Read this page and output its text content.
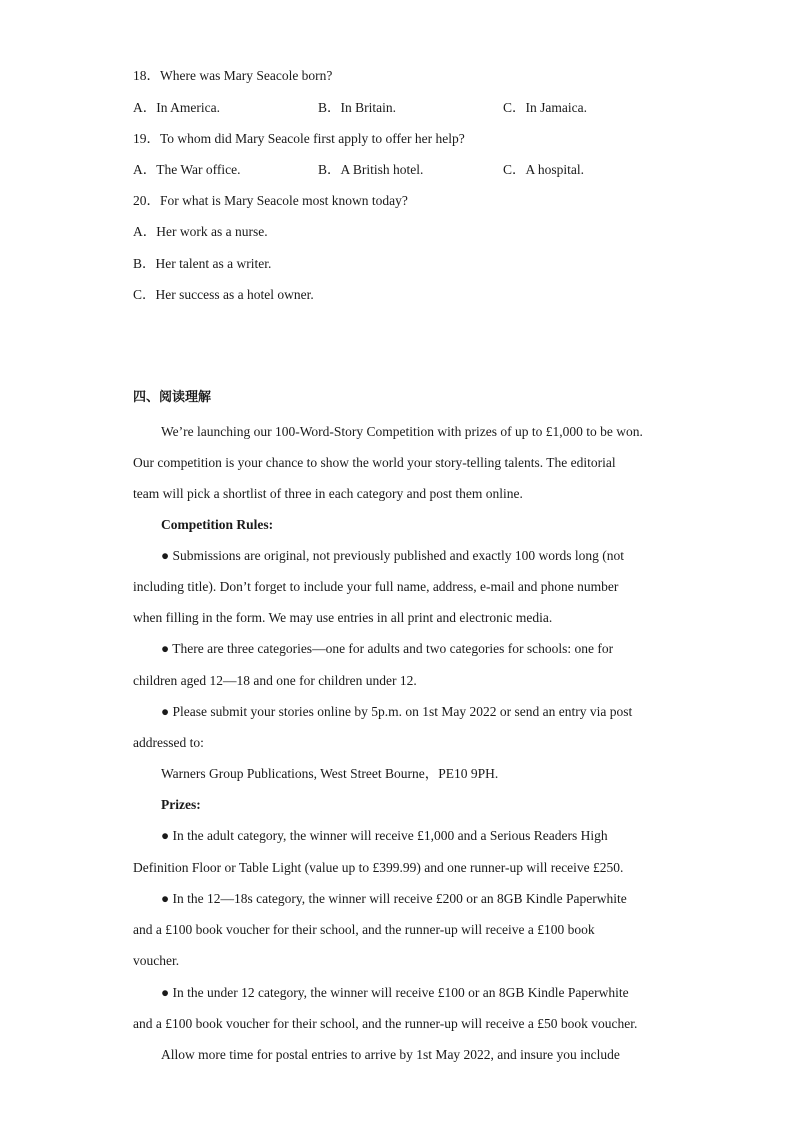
18．Where was Mary Seacole born?
A．In America.	B．In Britain.	C．In Jamaica.
19．To whom did Mary Seacole first apply to offer her help?
A．The War office.	B．A British hotel.	C．A hospital.
20．For what is Mary Seacole most known today?
A．Her work as a nurse.
B．Her talent as a writer.
C．Her success as a hotel owner.
四、阅读理解
We’re launching our 100-Word-Story Competition with prizes of up to £1,000 to be won.
Our competition is your chance to show the world your story-telling talents. The editorial
team will pick a shortlist of three in each category and post them online.
Competition Rules:
● Submissions are original, not previously published and exactly 100 words long (not
including title). Don’t forget to include your full name, address, e-mail and phone number
when filling in the form. We may use entries in all print and electronic media.
● There are three categories—one for adults and two categories for schools: one for
children aged 12—18 and one for children under 12.
● Please submit your stories online by 5p.m. on 1st May 2022 or send an entry via post
addressed to:
Warners Group Publications, West Street Bourne，PE10 9PH.
Prizes:
● In the adult category, the winner will receive £1,000 and a Serious Readers High
Definition Floor or Table Light (value up to £399.99) and one runner-up will receive £250.
● In the 12—18s category, the winner will receive £200 or an 8GB Kindle Paperwhite
and a £100 book voucher for their school, and the runner-up will receive a £100 book
voucher.
● In the under 12 category, the winner will receive £100 or an 8GB Kindle Paperwhite
and a £100 book voucher for their school, and the runner-up will receive a £50 book voucher.
Allow more time for postal entries to arrive by 1st May 2022, and insure you include
